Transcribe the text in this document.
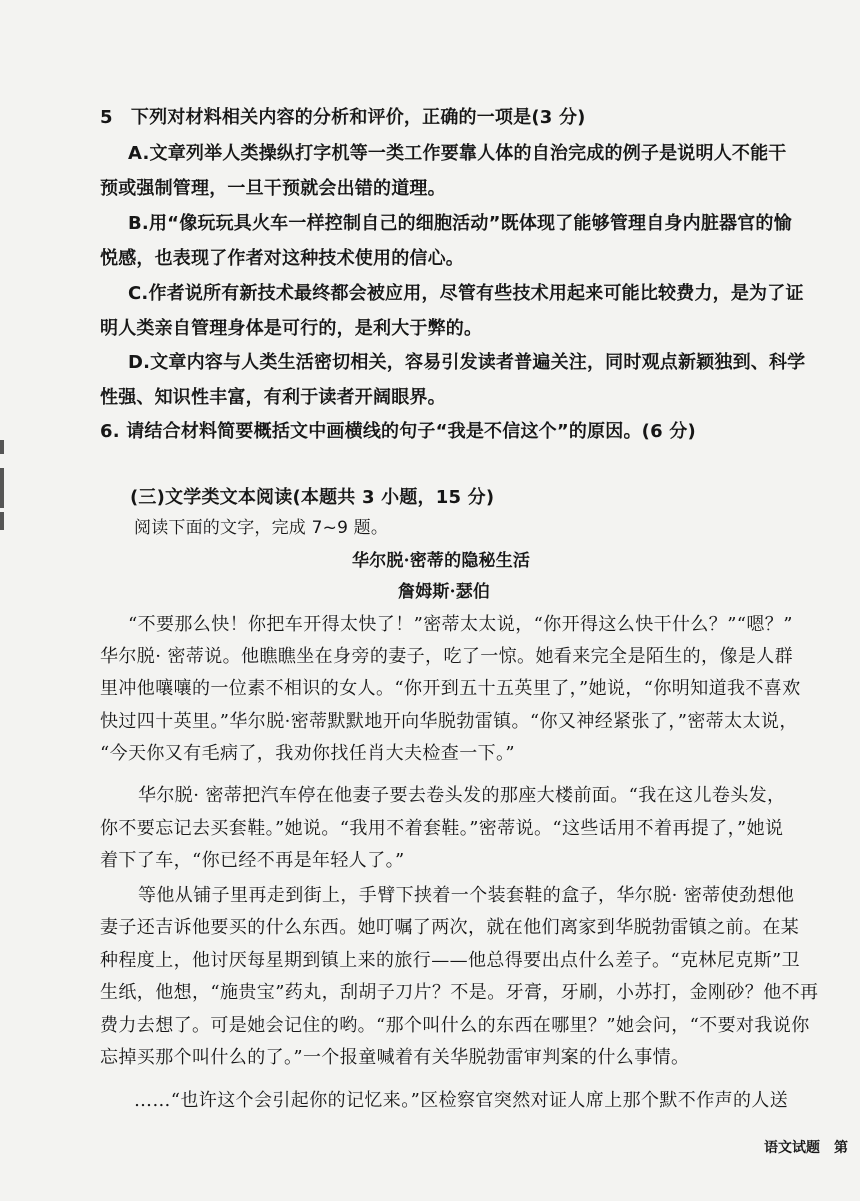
5　下列对材料相关内容的分析和评价，正确的一项是(3 分)
A.文章列举人类操纵打字机等一类工作要靠人体的自治完成的例子是说明人不能干
预或强制管理，一旦干预就会出错的道理。
B.用“像玩玩具火车一样控制自己的细胞活动”既体现了能够管理自身内脏器官的愉
悦感，也表现了作者对这种技术使用的信心。
C.作者说所有新技术最终都会被应用，尽管有些技术用起来可能比较费力，是为了证
明人类亲自管理身体是可行的，是利大于弊的。
D.文章内容与人类生活密切相关，容易引发读者普遍关注，同时观点新颖独到、科学
性强、知识性丰富，有利于读者开阔眼界。
6. 请结合材料简要概括文中画横线的句子“我是不信这个”的原因。(6 分)
(三)文学类文本阅读(本题共 3 小题，15 分)
阅读下面的文字，完成 7~9 题。
华尔脱·密蒂的隐秘生活
詹姆斯·瑟伯
“不要那么快！你把车开得太快了！”密蒂太太说，“你开得这么快干什么？”“嗯？”
华尔脱· 密蒂说。他瞧瞧坐在身旁的妻子，吃了一惊。她看来完全是陌生的，像是人群
里冲他嚷嚷的一位素不相识的女人。“你开到五十五英里了，”她说，“你明知道我不喜欢
快过四十英里。”华尔脱·密蒂默默地开向华脱勃雷镇。“你又神经紧张了，”密蒂太太说，
“今天你又有毛病了，我劝你找任肖大夫检查一下。”
华尔脱· 密蒂把汽车停在他妻子要去卷头发的那座大楼前面。“我在这儿卷头发，
你不要忘记去买套鞋。”她说。“我用不着套鞋。”密蒂说。“这些话用不着再提了，”她说
着下了车，“你已经不再是年轻人了。”
等他从铺子里再走到街上，手臂下挟着一个装套鞋的盒子，华尔脱· 密蒂使劲想他
妻子还吉诉他要买的什么东西。她叮嘱了两次，就在他们离家到华脱勃雷镇之前。在某
种程度上，他讨厌每星期到镇上来的旅行——他总得要出点什么差子。“克林尼克斯”卫
生纸，他想，“施贵宝”药丸，刮胡子刀片？不是。牙膏，牙刷，小苏打，金刚砂？他不再
费力去想了。可是她会记住的哟。“那个叫什么的东西在哪里？”她会问，“不要对我说你
忘掉买那个叫什么的了。”一个报童喊着有关华脱勃雷审判案的什么事情。
……“也许这个会引起你的记忆来。”区检察官突然对证人席上那个默不作声的人送
语文试题　第
